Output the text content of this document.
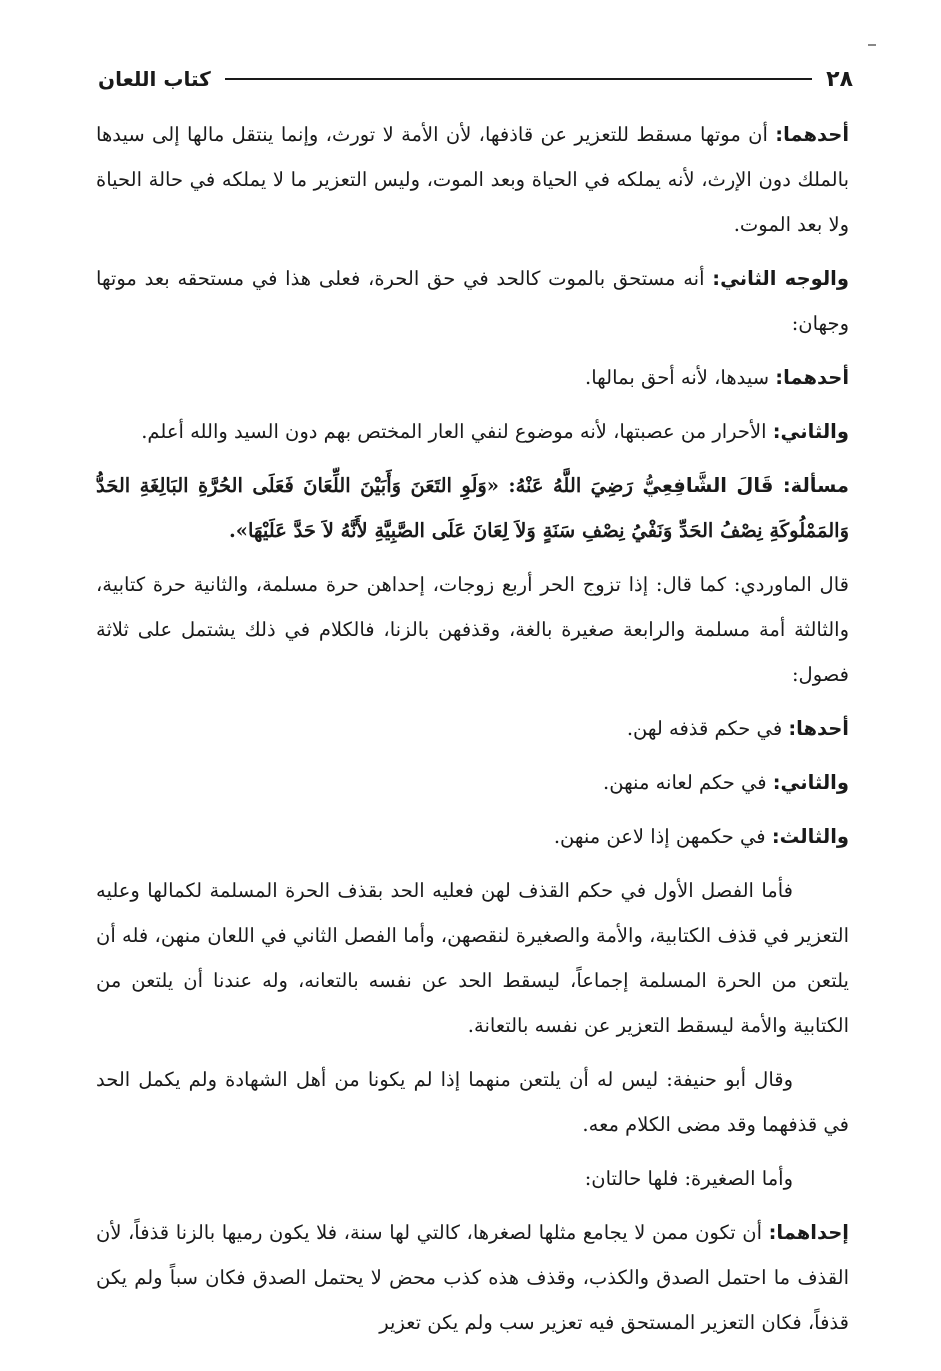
٢٨
كتاب اللعان

أحدهما: أن موتها مسقط للتعزير عن قاذفها، لأن الأمة لا تورث، وإنما ينتقل مالها إلى سيدها بالملك دون الإرث، لأنه يملكه في الحياة وبعد الموت، وليس التعزير ما لا يملكه في حالة الحياة ولا بعد الموت.

والوجه الثاني: أنه مستحق بالموت كالحد في حق الحرة، فعلى هذا في مستحقه بعد موتها وجهان:

أحدهما: سيدها، لأنه أحق بمالها.

والثاني: الأحرار من عصبتها، لأنه موضوع لنفي العار المختص بهم دون السيد والله أعلم.

مسألة: قَالَ الشَّافِعِيُّ رَضِيَ اللَّهُ عَنْهُ: «وَلَوِ التَعَنَ وَأَبَيْنَ اللِّعَانَ فَعَلَى الحُرَّةِ البَالِغَةِ الحَدُّ وَالمَمْلُوكَةِ نِصْفُ الحَدِّ وَنَفْيُ نِصْفِ سَنَةٍ وَلاَ لِعَانَ عَلَى الصَّبِيَّةِ لأَنَّهُ لاَ حَدَّ عَلَيْهَا».

قال الماوردي: كما قال: إذا تزوج الحر أربع زوجات، إحداهن حرة مسلمة، والثانية حرة كتابية، والثالثة أمة مسلمة والرابعة صغيرة بالغة، وقذفهن بالزنا، فالكلام في ذلك يشتمل على ثلاثة فصول:

أحدها: في حكم قذفه لهن.

والثاني: في حكم لعانه منهن.

والثالث: في حكمهن إذا لاعن منهن.

فأما الفصل الأول في حكم القذف لهن فعليه الحد بقذف الحرة المسلمة لكمالها وعليه التعزير في قذف الكتابية، والأمة والصغيرة لنقصهن، وأما الفصل الثاني في اللعان منهن، فله أن يلتعن من الحرة المسلمة إجماعاً، ليسقط الحد عن نفسه بالتعانه، وله عندنا أن يلتعن من الكتابية والأمة ليسقط التعزير عن نفسه بالتعانة.

وقال أبو حنيفة: ليس له أن يلتعن منهما إذا لم يكونا من أهل الشهادة ولم يكمل الحد في قذفهما وقد مضى الكلام معه.

وأما الصغيرة: فلها حالتان:

إحداهما: أن تكون ممن لا يجامع مثلها لصغرها، كالتي لها سنة، فلا يكون رميها بالزنا قذفاً، لأن القذف ما احتمل الصدق والكذب، وقذف هذه كذب محض لا يحتمل الصدق فكان سباً ولم يكن قذفاً، فكان التعزير المستحق فيه تعزير سب ولم يكن تعزير
